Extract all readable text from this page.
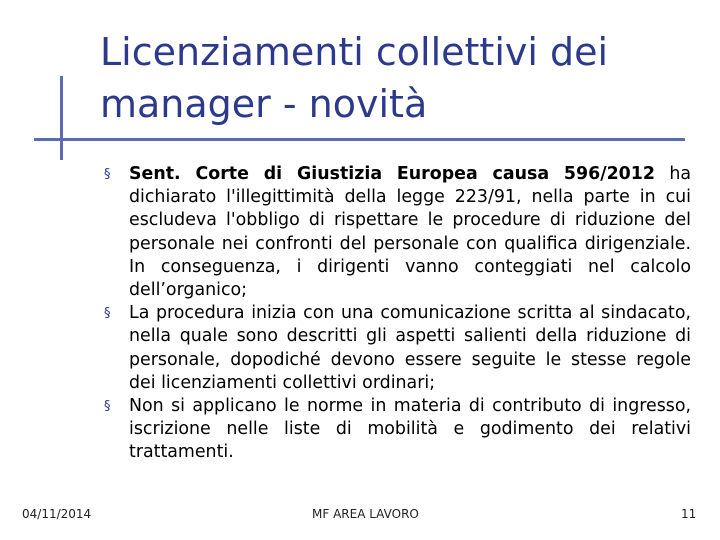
Licenziamenti collettivi dei
manager - novità

§	Sent. Corte di Giustizia Europea causa 596/2012 ha dichiarato l'illegittimità della legge 223/91, nella parte in cui escludeva l'obbligo di rispettare le procedure di riduzione del personale nei confronti del personale con qualifica dirigenziale. In conseguenza, i dirigenti vanno conteggiati nel calcolo dell’organico;

§	La procedura inizia con una comunicazione scritta al sindacato, nella quale sono descritti gli aspetti salienti della riduzione di personale, dopodiché devono essere seguite le stesse regole dei licenziamenti collettivi ordinari;

§	Non si applicano le norme in materia di contributo di ingresso, iscrizione nelle liste di mobilità e godimento dei relativi trattamenti.

04/11/2014	MF AREA LAVORO	11
